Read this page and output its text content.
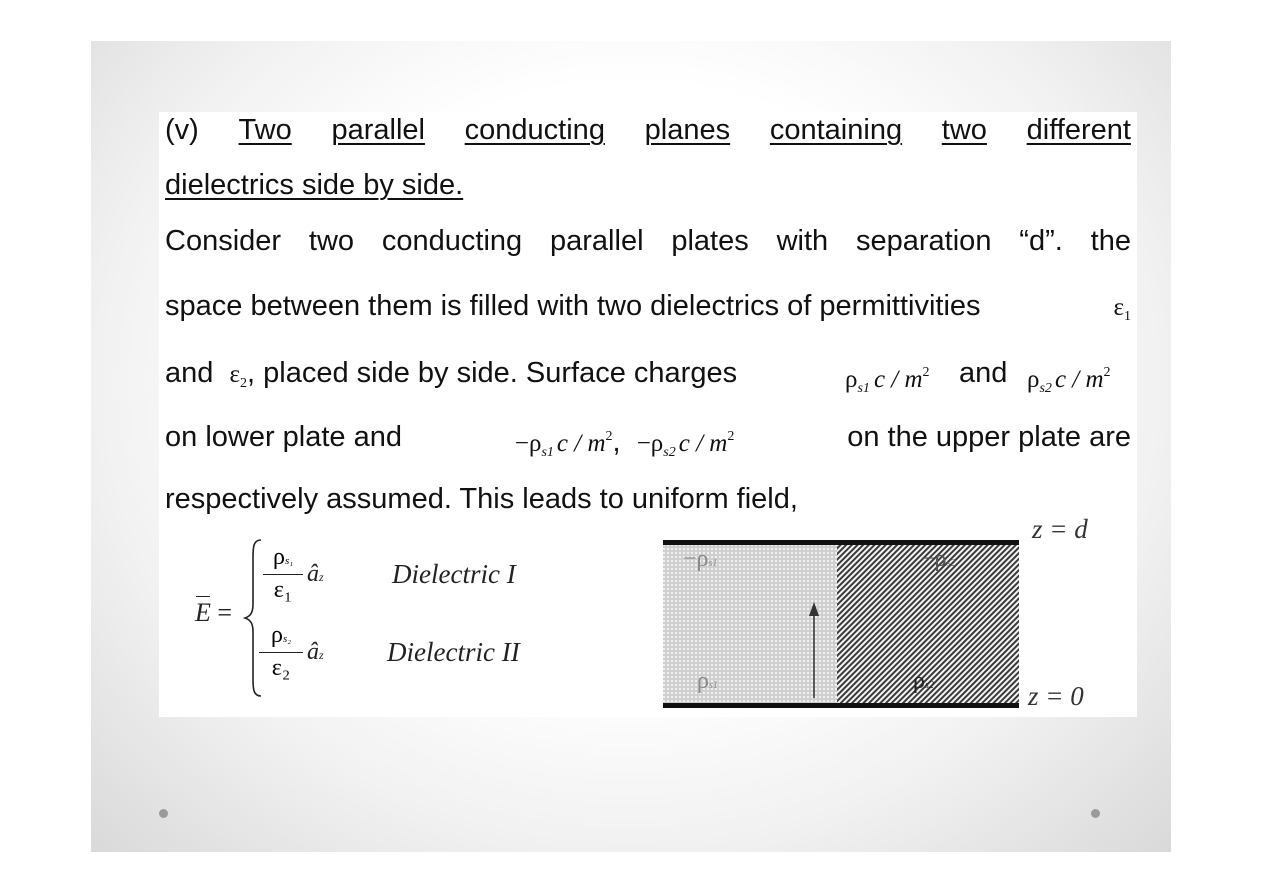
(v) Two parallel conducting planes containing two different
dielectrics side by side.
Consider two conducting parallel plates with separation “d”. the
space between them is filled with two dielectrics of permittivities	$\varepsilon_1$
and $\varepsilon_2$, placed side by side. Surface charges	$\rho_{s1}$ c / $m^2$ and $\rho_{s2}$ c / $m^2$
on lower plate and	$-\rho_{s1}$ c / $m^2$, $-\rho_{s2}$ c / $m^2$	on the upper plate are
respectively assumed. This leads to uniform field,
E =
ρs₁
ε₁
âz	Dielectric I
ρs₂
ε₂
âz Dielectric II
−ρs1	−ρs2
ρs1	ρs2
z = d
z = 0
